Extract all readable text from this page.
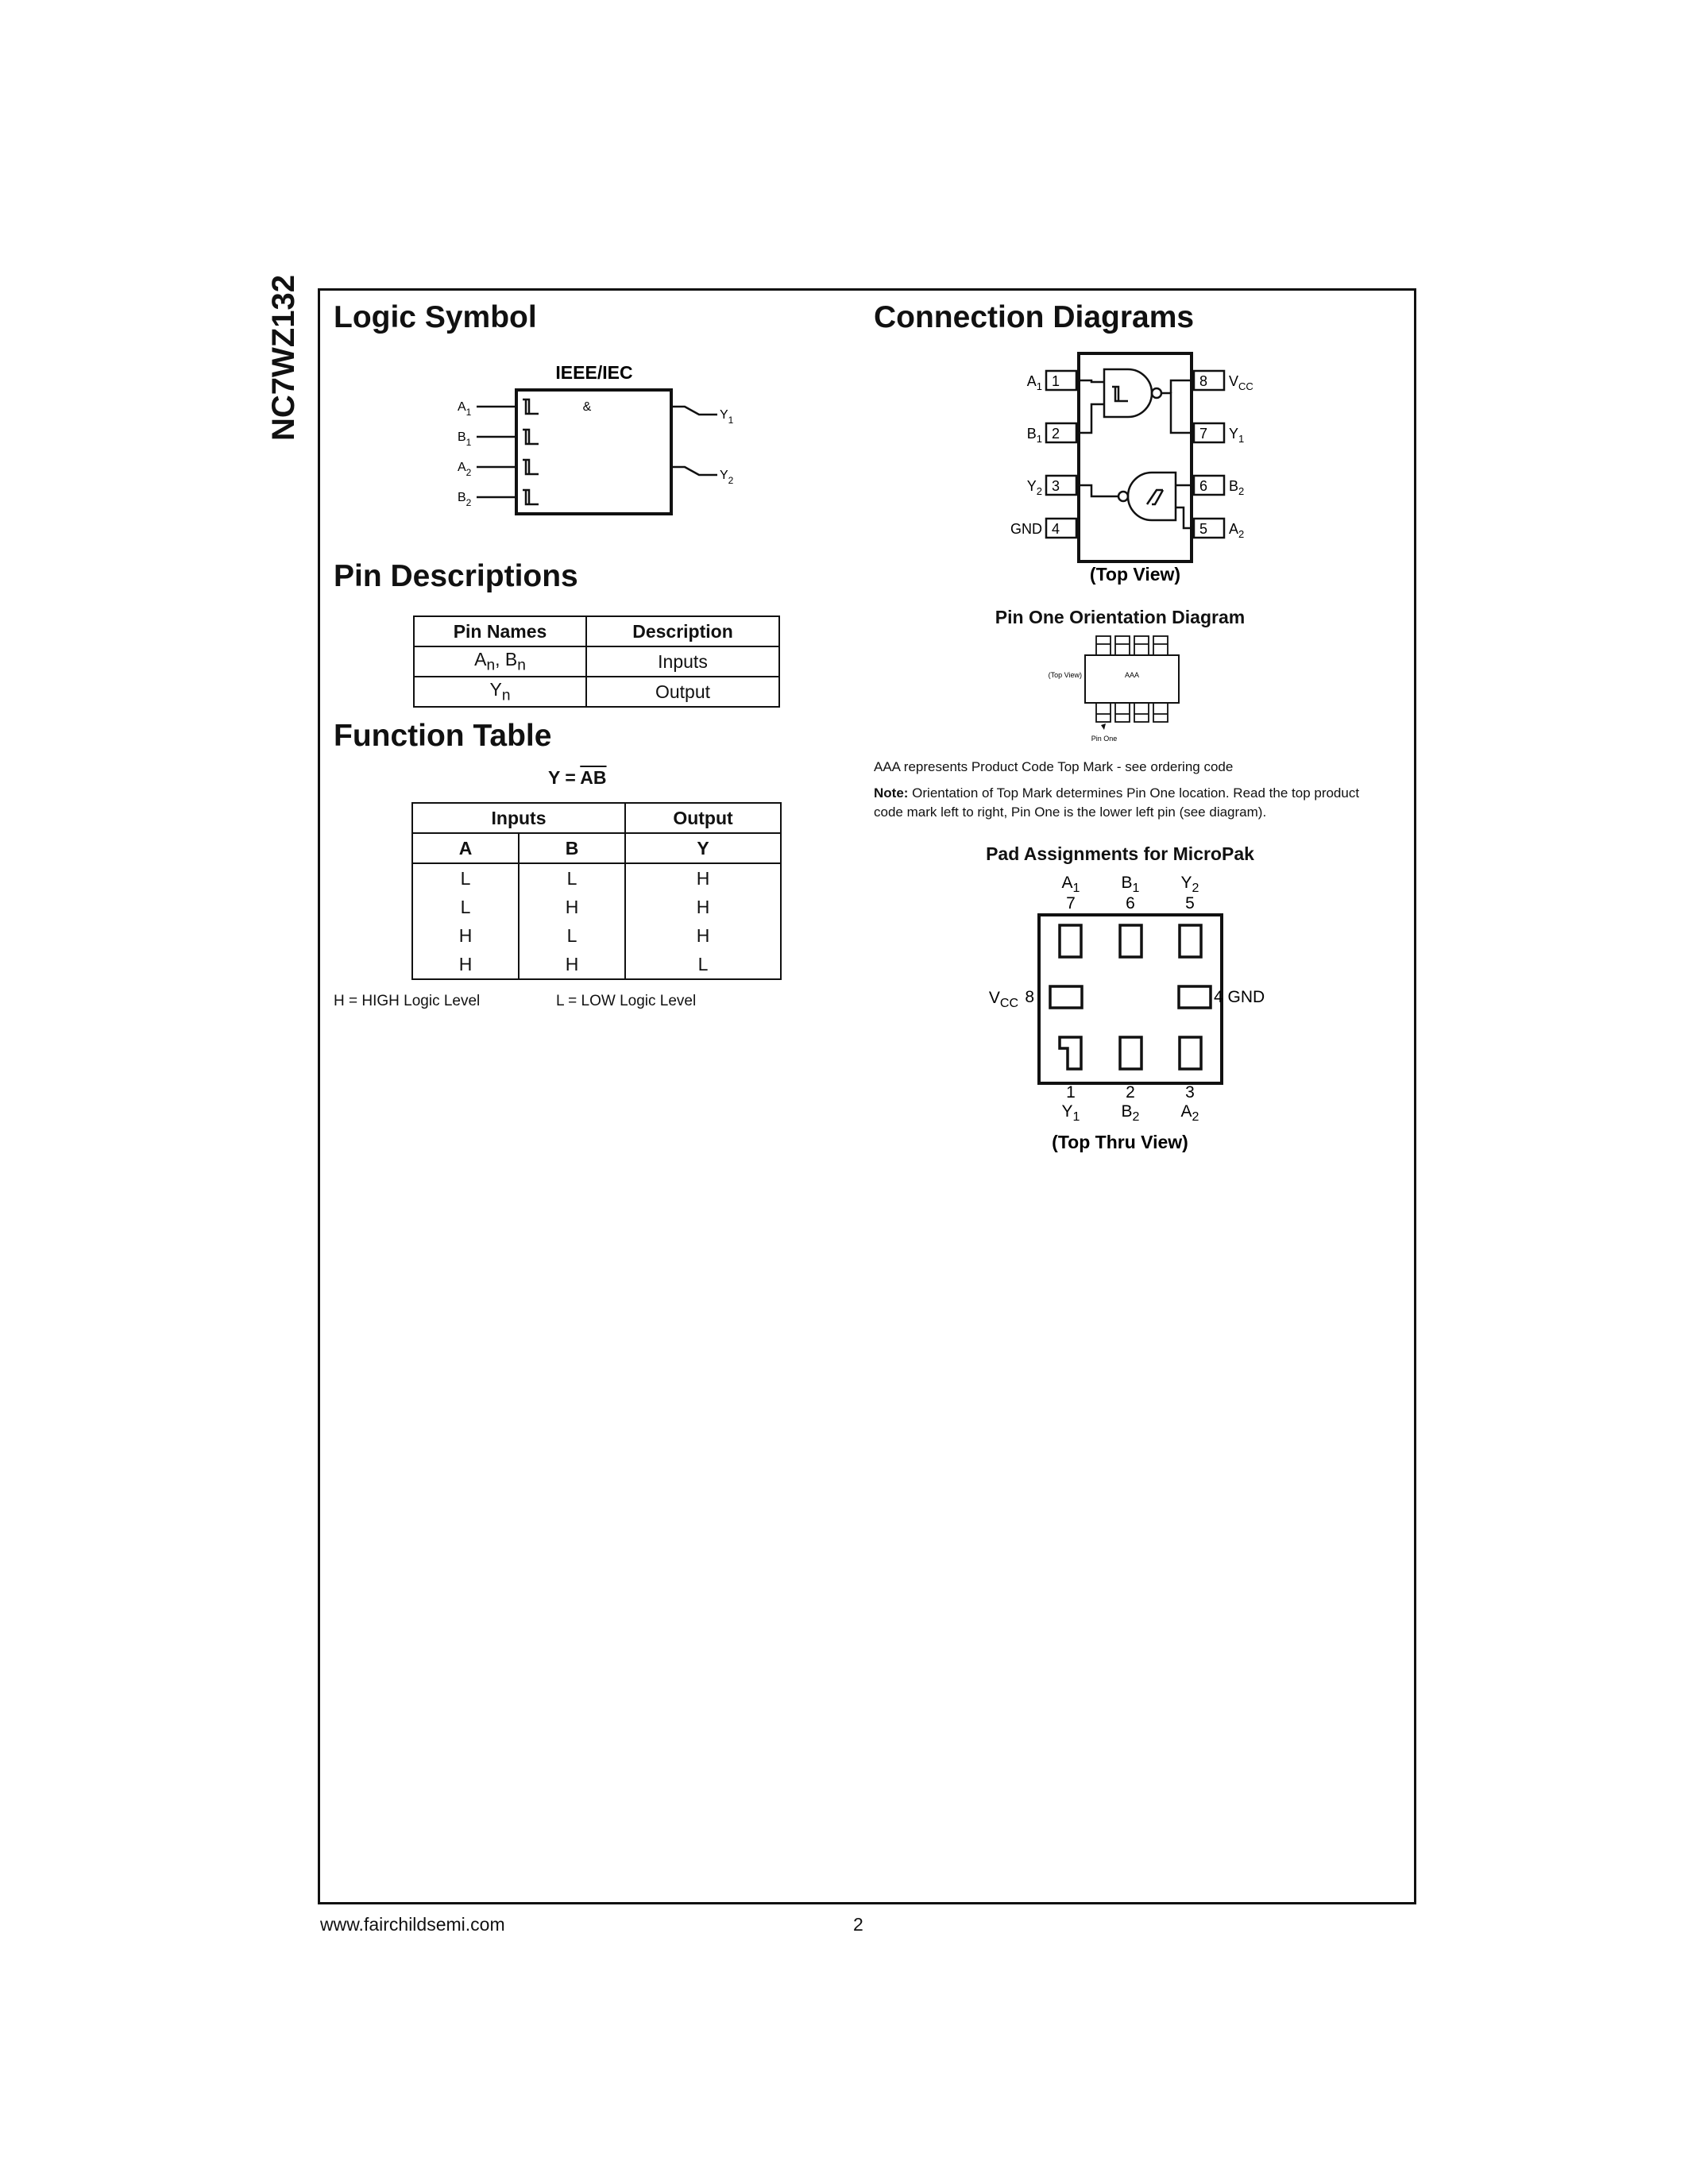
NC7WZ132 Logic Symbol
IEEE/IEC
&
$A_1$
$B_1$
$A_2$
$B_2$
$Y_1$
$Y_2$
Pin Descriptions
Pin Names	Description
$A_n$, $B_n$	Inputs
$Y_n$	Output
Function Table
$Y = \overline{AB}$
Inputs		Output
A	B	Y
L	L	H
L	H	H
H	L	H
H	H	L
H = HIGH Logic Level	L = LOW Logic Level
Connection Diagrams
1
2
3
4
8
7
6
5
$A_1$
$B_1$
$Y_2$
GND
$V_{CC}$
$Y_1$
$B_2$
$A_2$
(Top View)
Pin One Orientation Diagram
(Top View)	AAA
Pin One
AAA represents Product Code Top Mark - see ordering code
Note: Orientation of Top Mark determines Pin One location. Read the top product code mark left to right, Pin One is the lower left pin (see diagram).
Pad Assignments for MicroPak
$A_1$ $B_1$ $Y_2$
7	6	5
1	2	3
$Y_1$ $B_2$ $A_2$
$V_{CC}$ 8	4 GND
(Top Thru View)
www.fairchildsemi.com	2
